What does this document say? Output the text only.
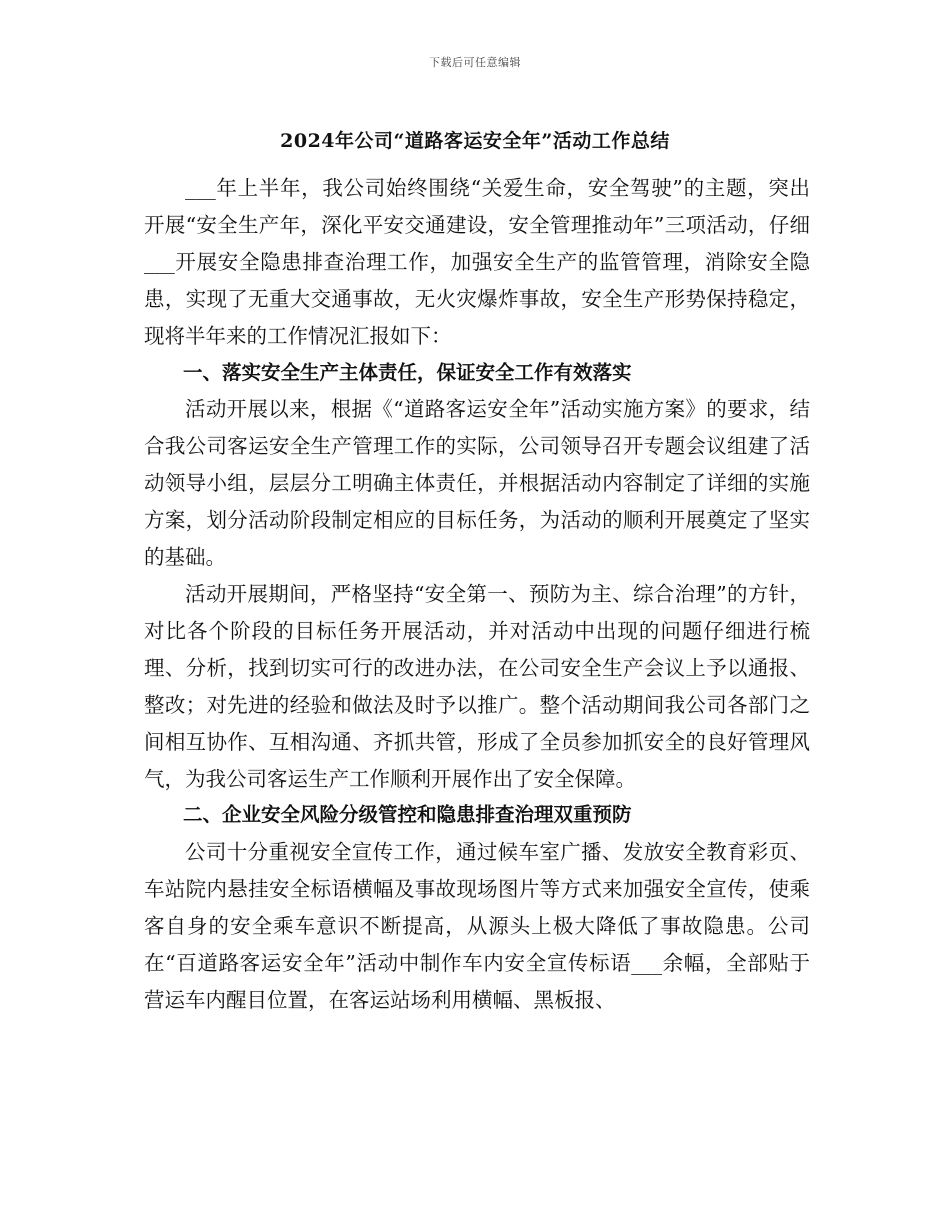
下载后可任意编辑
2024年公司“道路客运安全年”活动工作总结

___年上半年，我公司始终围绕“关爱生命，安全驾驶”的主题，突出开展“安全生产年，深化平安交通建设，安全管理推动年”三项活动，仔细___开展安全隐患排查治理工作，加强安全生产的监管管理，消除安全隐患，实现了无重大交通事故，无火灾爆炸事故，安全生产形势保持稳定，现将半年来的工作情况汇报如下：

一、落实安全生产主体责任，保证安全工作有效落实

活动开展以来，根据《“道路客运安全年”活动实施方案》的要求，结合我公司客运安全生产管理工作的实际，公司领导召开专题会议组建了活动领导小组，层层分工明确主体责任，并根据活动内容制定了详细的实施方案，划分活动阶段制定相应的目标任务，为活动的顺利开展奠定了坚实的基础。

活动开展期间，严格坚持“安全第一、预防为主、综合治理”的方针，对比各个阶段的目标任务开展活动，并对活动中出现的问题仔细进行梳理、分析，找到切实可行的改进办法，在公司安全生产会议上予以通报、整改；对先进的经验和做法及时予以推广。整个活动期间我公司各部门之间相互协作、互相沟通、齐抓共管，形成了全员参加抓安全的良好管理风气，为我公司客运生产工作顺利开展作出了安全保障。

二、企业安全风险分级管控和隐患排查治理双重预防

公司十分重视安全宣传工作，通过候车室广播、发放安全教育彩页、车站院内悬挂安全标语横幅及事故现场图片等方式来加强安全宣传，使乘客自身的安全乘车意识不断提高，从源头上极大降低了事故隐患。公司在“百道路客运安全年”活动中制作车内安全宣传标语___余幅，全部贴于营运车内醒目位置，在客运站场利用横幅、黑板报、
